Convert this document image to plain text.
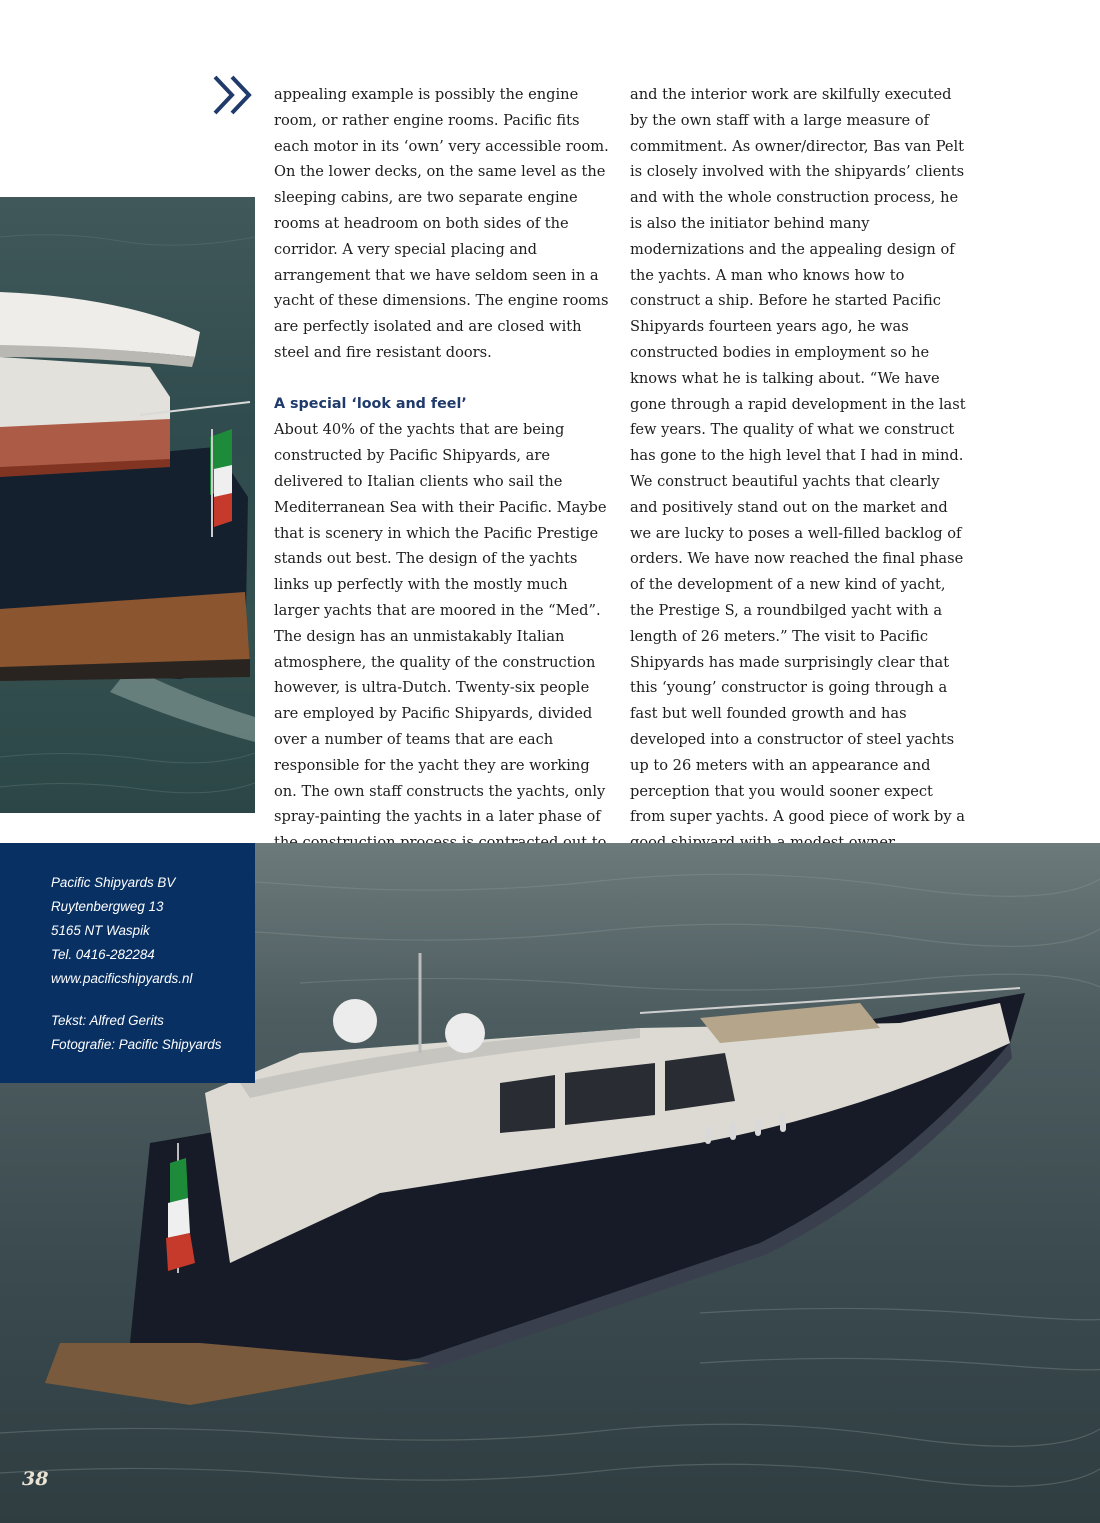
appealing example is possibly the engine room, or rather engine rooms. Pacific fits each motor in its ‘own’ very accessible room. On the lower decks, on the same level as the sleeping cabins, are two separate engine rooms at headroom on both sides of the corridor. A very special placing and arrangement that we have seldom seen in a yacht of these dimensions. The engine rooms are perfectly isolated and are closed with steel and fire resistant doors.

A special ‘look and feel’

About 40% of the yachts that are being constructed by Pacific Shipyards, are delivered to Italian clients who sail the Mediterranean Sea with their Pacific. Maybe that is scenery in which the Pacific Prestige stands out best. The design of the yachts links up perfectly with the mostly much larger yachts that are moored in the “Med”. The design has an unmistakably Italian atmosphere, the quality of the construction however, is ultra-Dutch. Twenty-six people are employed by Pacific Shipyards, divided over a number of teams that are each responsible for the yacht they are working on. The own staff constructs the yachts, only spray-painting the yachts in a later phase of

and the interior work are skilfully executed by the own staff with a large measure of commitment. As owner/director, Bas van Pelt is closely involved with the shipyards’ clients and with the whole construction process, he is also the initiator behind many modernizations and the appealing design of the yachts. A man who knows how to construct a ship. Before he started Pacific Shipyards fourteen years ago, he was constructed bodies in employment so he knows what he is talking about. “We have gone through a rapid development in the last few years. The quality of what we construct has gone to the high level that I had in mind. We construct beautiful yachts that clearly and positively stand out on the market and we are lucky to poses a well-filled backlog of orders. We have now reached the final phase of the development of a new kind of yacht, the Prestige S, a roundbilged yacht with a length of 26 meters.” The visit to Pacific Shipyards has made surprisingly clear that this ‘young’ constructor is going through a fast but well founded growth and has developed into a constructor of steel yachts up to 26 meters with an appearance and perception that you would sooner expect from super yachts. A good piece of work by a

Pacific Shipyards BV
Ruytenbergweg 13
5165 NT Waspik
Tel. 0416-282284
www.pacificshipyards.nl
Tekst: Alfred Gerits
Fotografie: Pacific Shipyards
38
